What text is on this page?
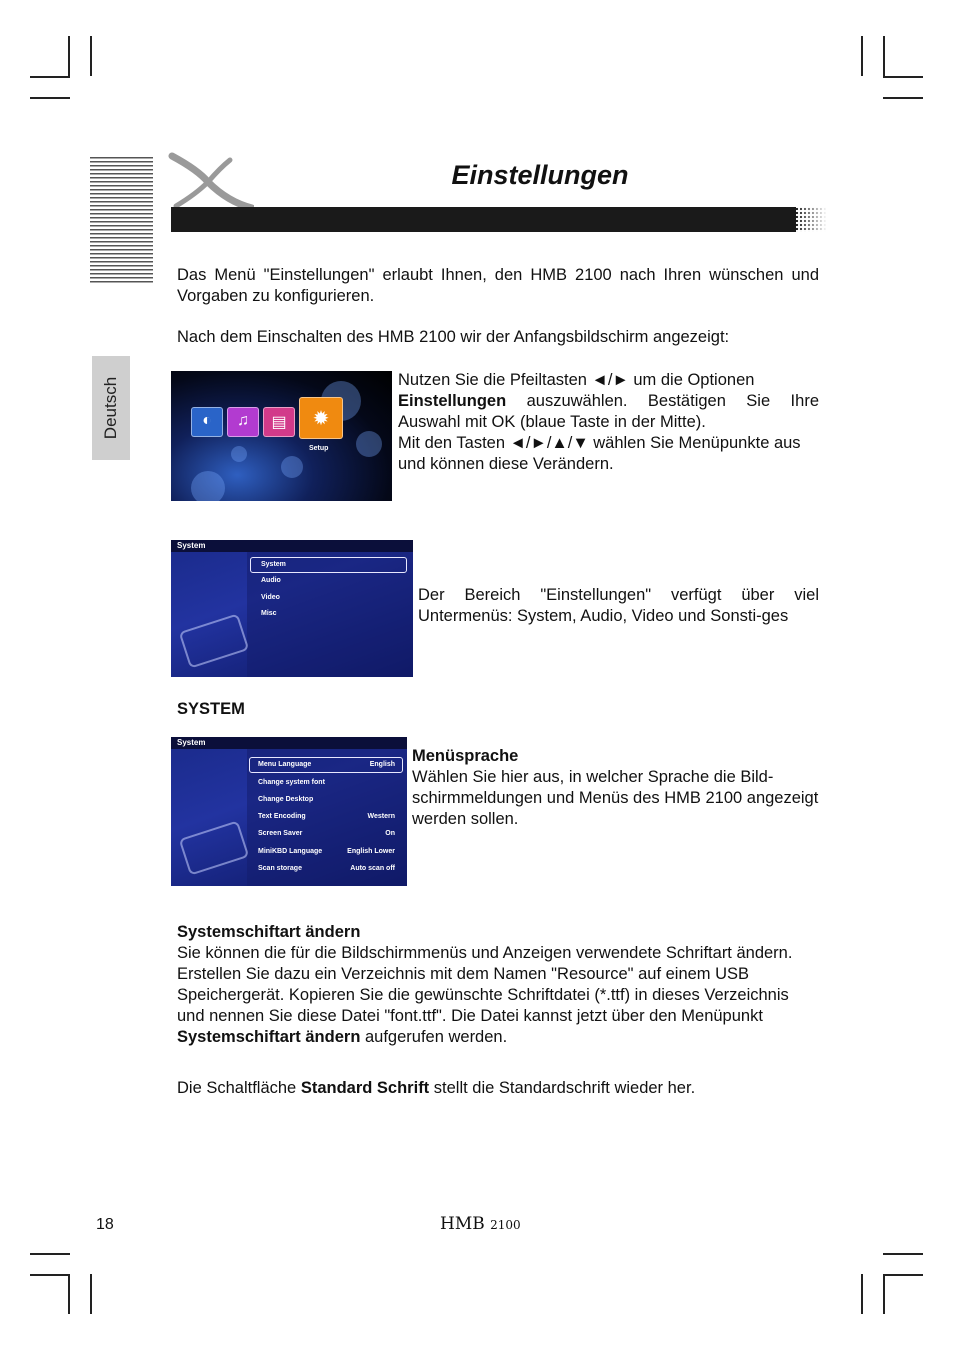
Einstellungen
Deutsch
Das Menü "Einstellungen" erlaubt Ihnen, den HMB 2100 nach Ihren wünschen und Vorgaben zu konfigurieren.
Nach dem Einschalten des HMB 2100 wir der Anfangsbildschirm angezeigt:
◐	♫	▤	✹
Setup
Nutzen Sie die Pfeiltasten ◄/► um die Optionen
Einstellungen auszuwählen. Bestätigen Sie Ihre Auswahl mit OK (blaue Taste in der Mitte).
Mit den Tasten ◄/►/▲/▼ wählen Sie Menüpunkte aus und können diese Verändern.
System
System
Audio
Video
Misc
Der Bereich "Einstellungen" verfügt über viel Untermenüs: System, Audio, Video und Sonsti-ges
SYSTEM
System
Menu Language	English
Change system font
Change Desktop
Text Encoding	Western
Screen Saver	On
MiniKBD Language	English Lower
Scan storage	Auto scan off
Menüsprache
Wählen Sie hier aus, in welcher Sprache die Bild-schirmmeldungen und Menüs des HMB 2100 angezeigt werden sollen.
Systemschiftart ändern
Sie können die für die Bildschirmmenüs und Anzeigen verwendete Schriftart ändern. Erstellen Sie dazu ein Verzeichnis mit dem Namen "Resource" auf einem USB Speichergerät. Kopieren Sie die gewünschte Schriftdatei (*.ttf) in dieses Verzeichnis und nennen Sie diese Datei "font.ttf". Die Datei kannst jetzt über den Menüpunkt Systemschiftart ändern aufgerufen werden.
Die Schaltfläche Standard Schrift stellt die Standardschrift wieder her.
18	HMB 2100
